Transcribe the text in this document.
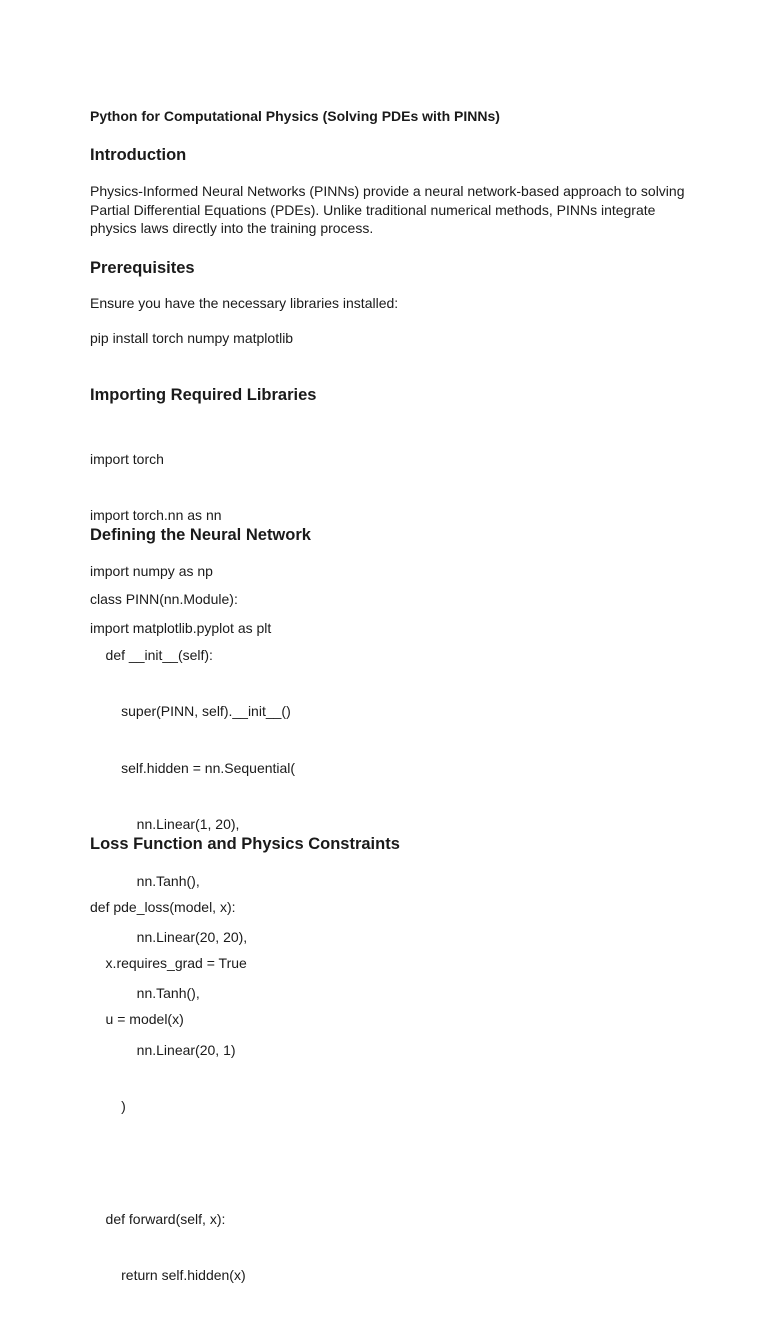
Python for Computational Physics (Solving PDEs with PINNs)
Introduction
Physics-Informed Neural Networks (PINNs) provide a neural network-based approach to solving Partial Differential Equations (PDEs). Unlike traditional numerical methods, PINNs integrate physics laws directly into the training process.
Prerequisites
Ensure you have the necessary libraries installed:
pip install torch numpy matplotlib
Importing Required Libraries

import torch

import torch.nn as nn

import numpy as np

import matplotlib.pyplot as plt

Defining the Neural Network

class PINN(nn.Module):

def __init__(self):

super(PINN, self).__init__()

self.hidden = nn.Sequential(

nn.Linear(1, 20),

nn.Tanh(),

nn.Linear(20, 20),

nn.Tanh(),

nn.Linear(20, 1)

)

def forward(self, x):

return self.hidden(x)

Loss Function and Physics Constraints

def pde_loss(model, x):

x.requires_grad = True

u = model(x)
